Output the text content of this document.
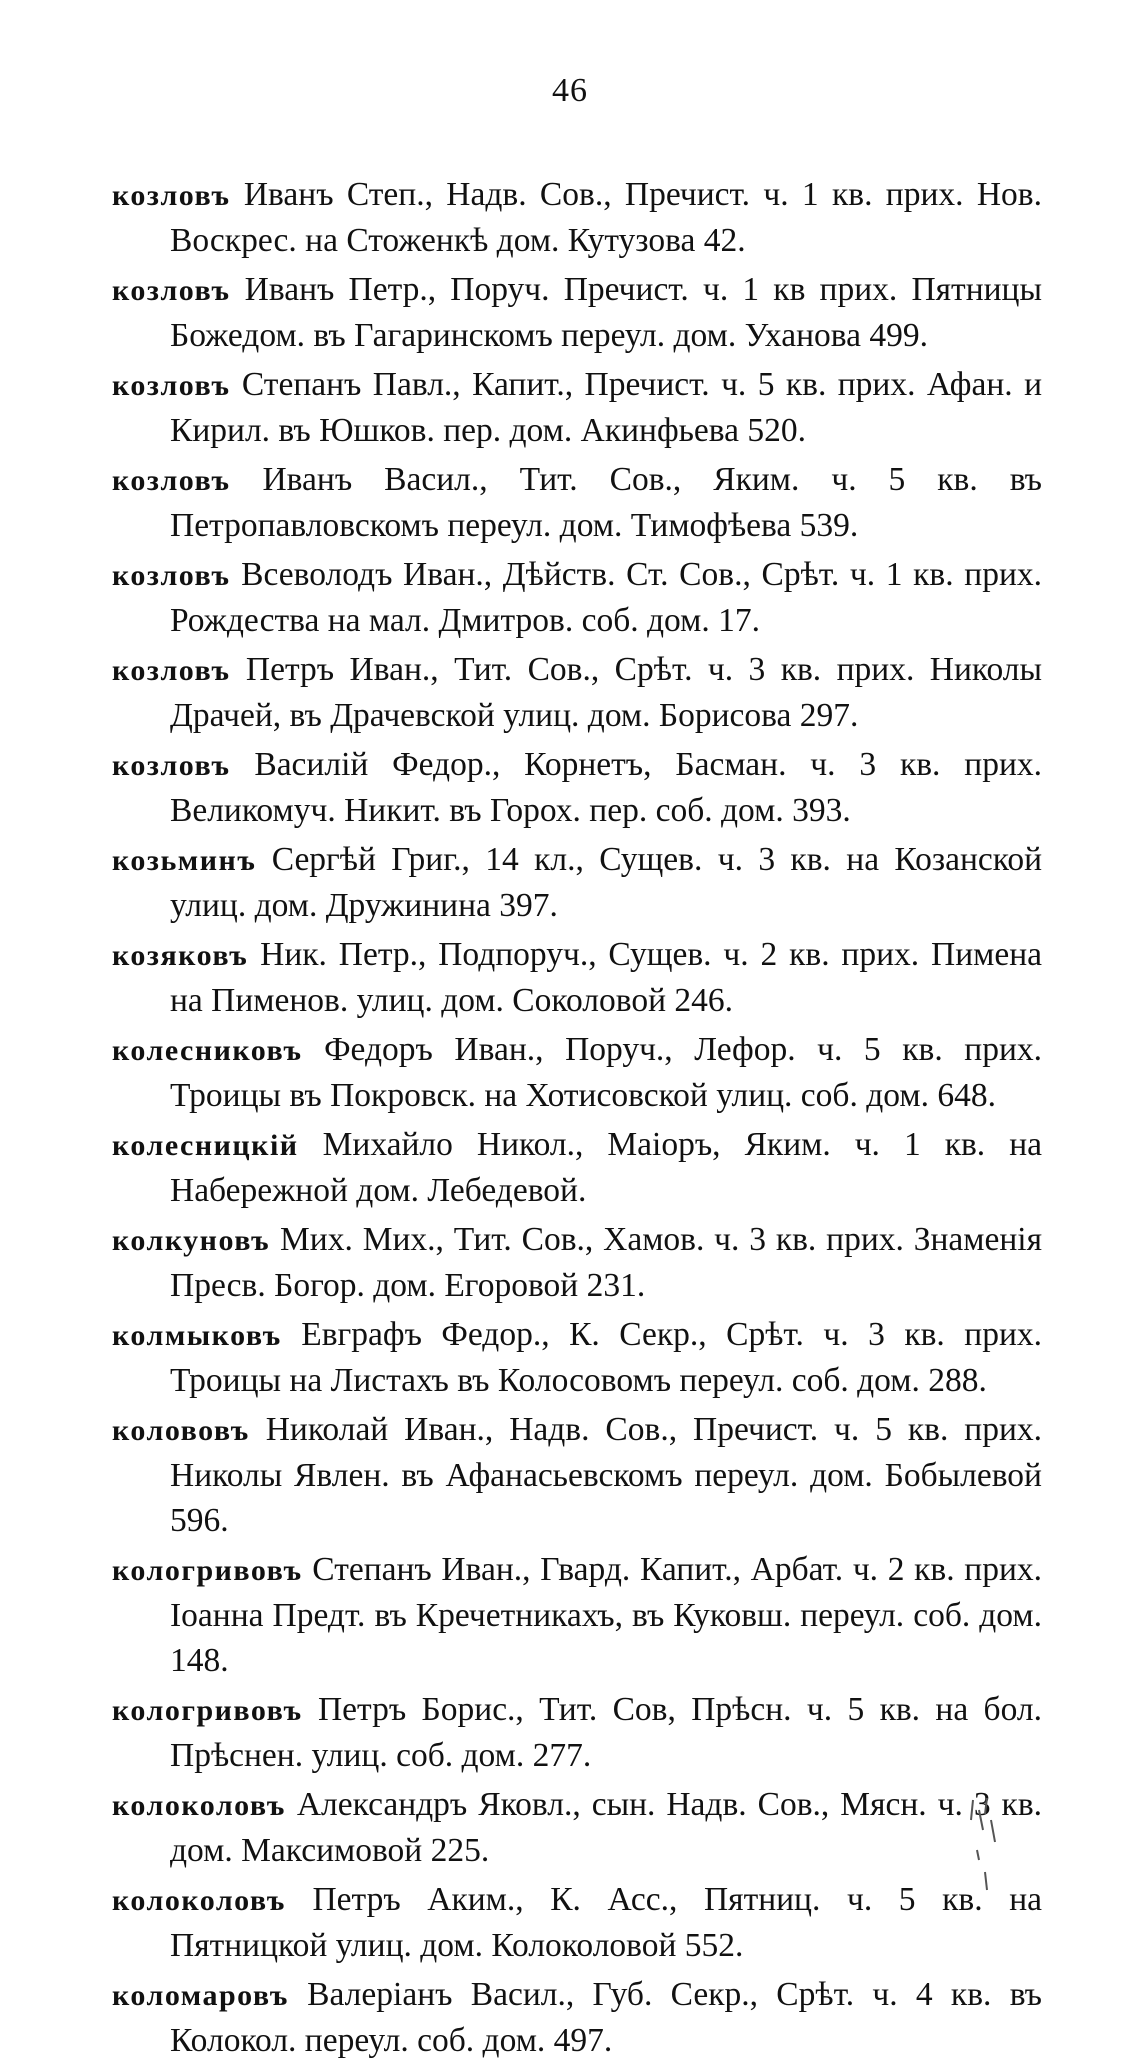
46

козловъ Иванъ Степ., Надв. Сов., Пречист. ч. 1 кв. прих. Нов. Воскрес. на Стоженкѣ дом. Кутузова 42.

козловъ Иванъ Петр., Поруч. Пречист. ч. 1 кв прих. Пятницы Божедом. въ Гагаринскомъ переул. дом. Уханова 499.

козловъ Степанъ Павл., Капит., Пречист. ч. 5 кв. прих. Афан. и Кирил. въ Юшков. пер. дом. Акинфьева 520.

козловъ Иванъ Васил., Тит. Сов., Яким. ч. 5 кв. въ Петропавловскомъ переул. дом. Тимофѣева 539.

козловъ Всеволодъ Иван., Дѣйств. Ст. Сов., Срѣт. ч. 1 кв. прих. Рождества на мал. Дмитров. соб. дом. 17.

козловъ Петръ Иван., Тит. Сов., Срѣт. ч. 3 кв. прих. Николы Драчей, въ Драчевской улиц. дом. Борисова 297.

козловъ Василій Федор., Корнетъ, Басман. ч. 3 кв. прих. Великомуч. Никит. въ Горох. пер. соб. дом. 393.

козьминъ Сергѣй Григ., 14 кл., Сущев. ч. 3 кв. на Козанской улиц. дом. Дружинина 397.

козяковъ Ник. Петр., Подпоруч., Сущев. ч. 2 кв. прих. Пимена на Пименов. улиц. дом. Соколовой 246.

колесниковъ Федоръ Иван., Поруч., Лефор. ч. 5 кв. прих. Троицы въ Покровск. на Хотисовской улиц. соб. дом. 648.

колесницкій Михайло Никол., Маіоръ, Яким. ч. 1 кв. на Набережной дом. Лебедевой.

колкуновъ Мих. Мих., Тит. Сов., Хамов. ч. 3 кв. прих. Знаменія Пресв. Богор. дом. Егоровой 231.

колмыковъ Евграфъ Федор., К. Секр., Срѣт. ч. 3 кв. прих. Троицы на Листахъ въ Колосовомъ переул. соб. дом. 288.

колововъ Николай Иван., Надв. Сов., Пречист. ч. 5 кв. прих. Николы Явлен. въ Афанасьевскомъ переул. дом. Бобылевой 596.

кологривовъ Степанъ Иван., Гвард. Капит., Арбат. ч. 2 кв. прих. Іоанна Предт. въ Кречетникахъ, въ Куковш. переул. соб. дом. 148.

кологривовъ Петръ Борис., Тит. Сов, Прѣсн. ч. 5 кв. на бол. Прѣснен. улиц. соб. дом. 277.

колоколовъ Александръ Яковл., сын. Надв. Сов., Мясн. ч. 3 кв. дом. Максимовой 225.

колоколовъ Петръ Аким., К. Асс., Пятниц. ч. 5 кв. на Пятницкой улиц. дом. Колоколовой 552.

коломаровъ Валеріанъ Васил., Губ. Секр., Срѣт. ч. 4 кв. въ Колокол. переул. соб. дом. 497.
